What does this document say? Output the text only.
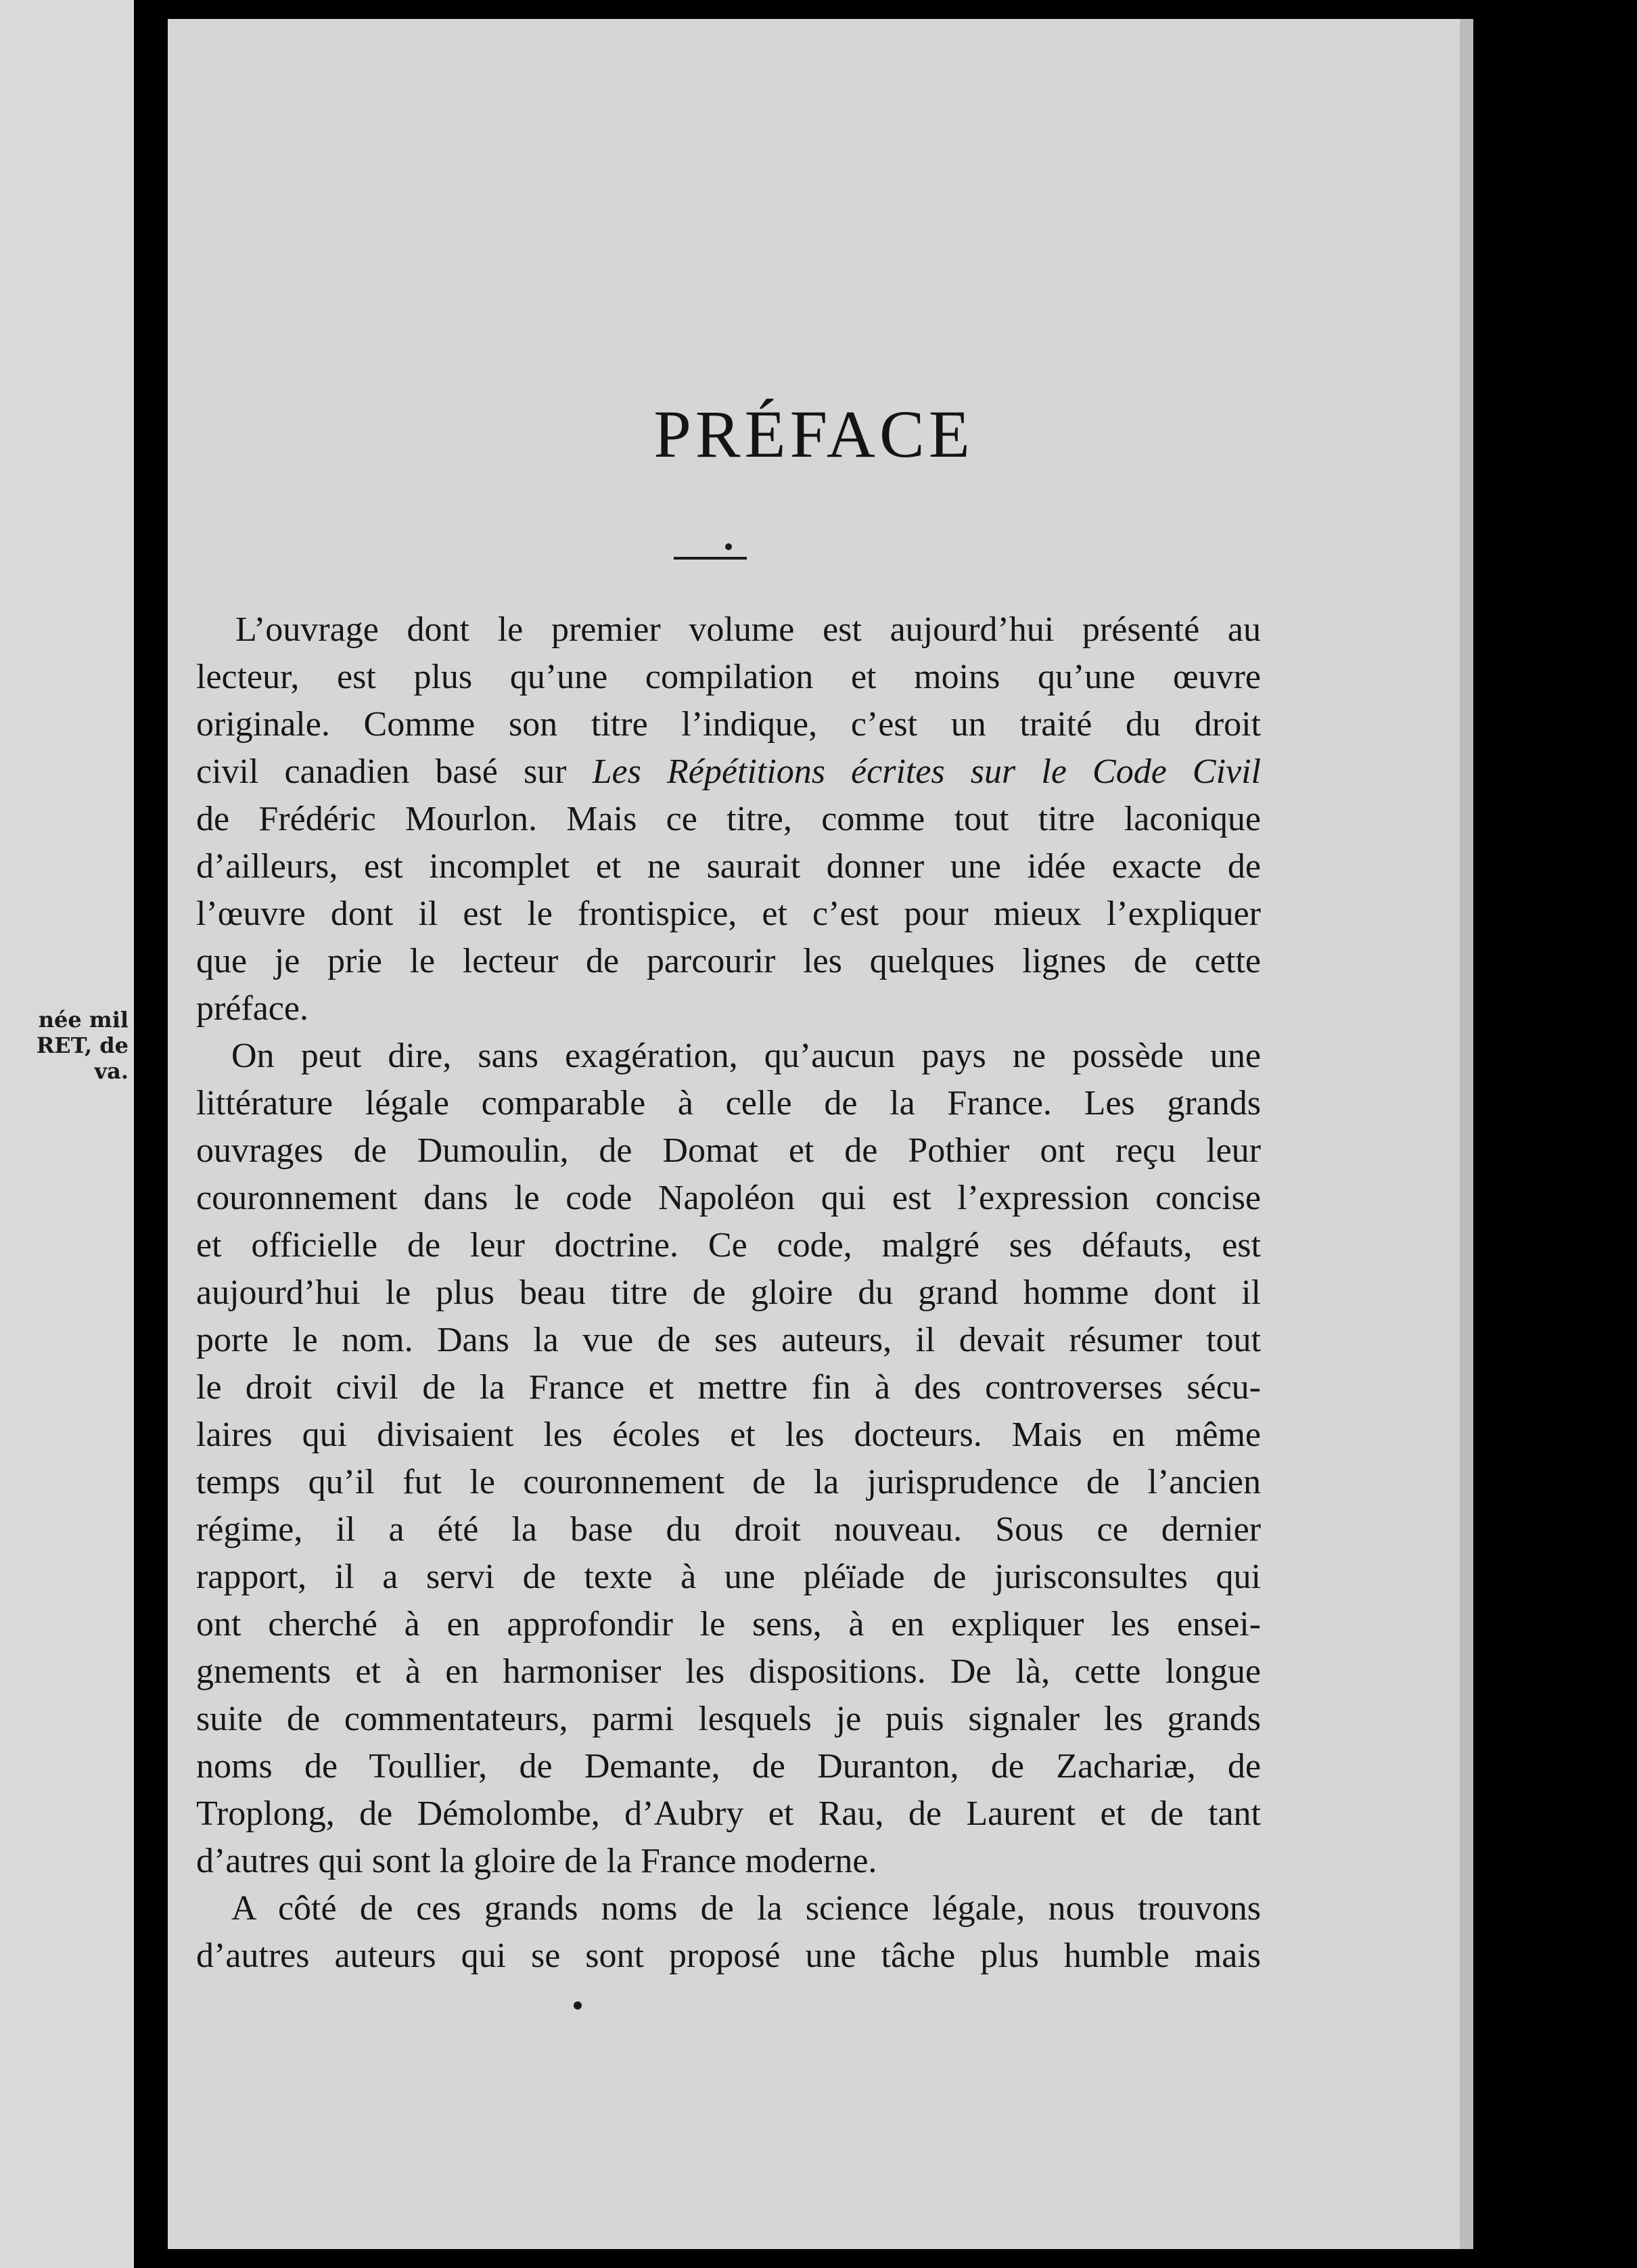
née mil
RET, de
va.
PRÉFACE
L’ouvrage dont le premier volume est aujourd’hui présenté au
lecteur, est plus qu’une compilation et moins qu’une œuvre
originale. Comme son titre l’indique, c’est un traité du droit
civil canadien basé sur Les Répétitions écrites sur le Code Civil
de Frédéric Mourlon. Mais ce titre, comme tout titre laconique
d’ailleurs, est incomplet et ne saurait donner une idée exacte de
l’œuvre dont il est le frontispice, et c’est pour mieux l’expliquer
que je prie le lecteur de parcourir les quelques lignes de cette
préface.
On peut dire, sans exagération, qu’aucun pays ne possède une
littérature légale comparable à celle de la France. Les grands
ouvrages de Dumoulin, de Domat et de Pothier ont reçu leur
couronnement dans le code Napoléon qui est l’expression concise
et officielle de leur doctrine. Ce code, malgré ses défauts, est
aujourd’hui le plus beau titre de gloire du grand homme dont il
porte le nom. Dans la vue de ses auteurs, il devait résumer tout
le droit civil de la France et mettre fin à des controverses sécu-
laires qui divisaient les écoles et les docteurs. Mais en même
temps qu’il fut le couronnement de la jurisprudence de l’ancien
régime, il a été la base du droit nouveau. Sous ce dernier
rapport, il a servi de texte à une pléïade de jurisconsultes qui
ont cherché à en approfondir le sens, à en expliquer les ensei-
gnements et à en harmoniser les dispositions. De là, cette longue
suite de commentateurs, parmi lesquels je puis signaler les grands
noms de Toullier, de Demante, de Duranton, de Zachariæ, de
Troplong, de Démolombe, d’Aubry et Rau, de Laurent et de tant
d’autres qui sont la gloire de la France moderne.
A côté de ces grands noms de la science légale, nous trouvons
d’autres auteurs qui se sont proposé une tâche plus humble mais
